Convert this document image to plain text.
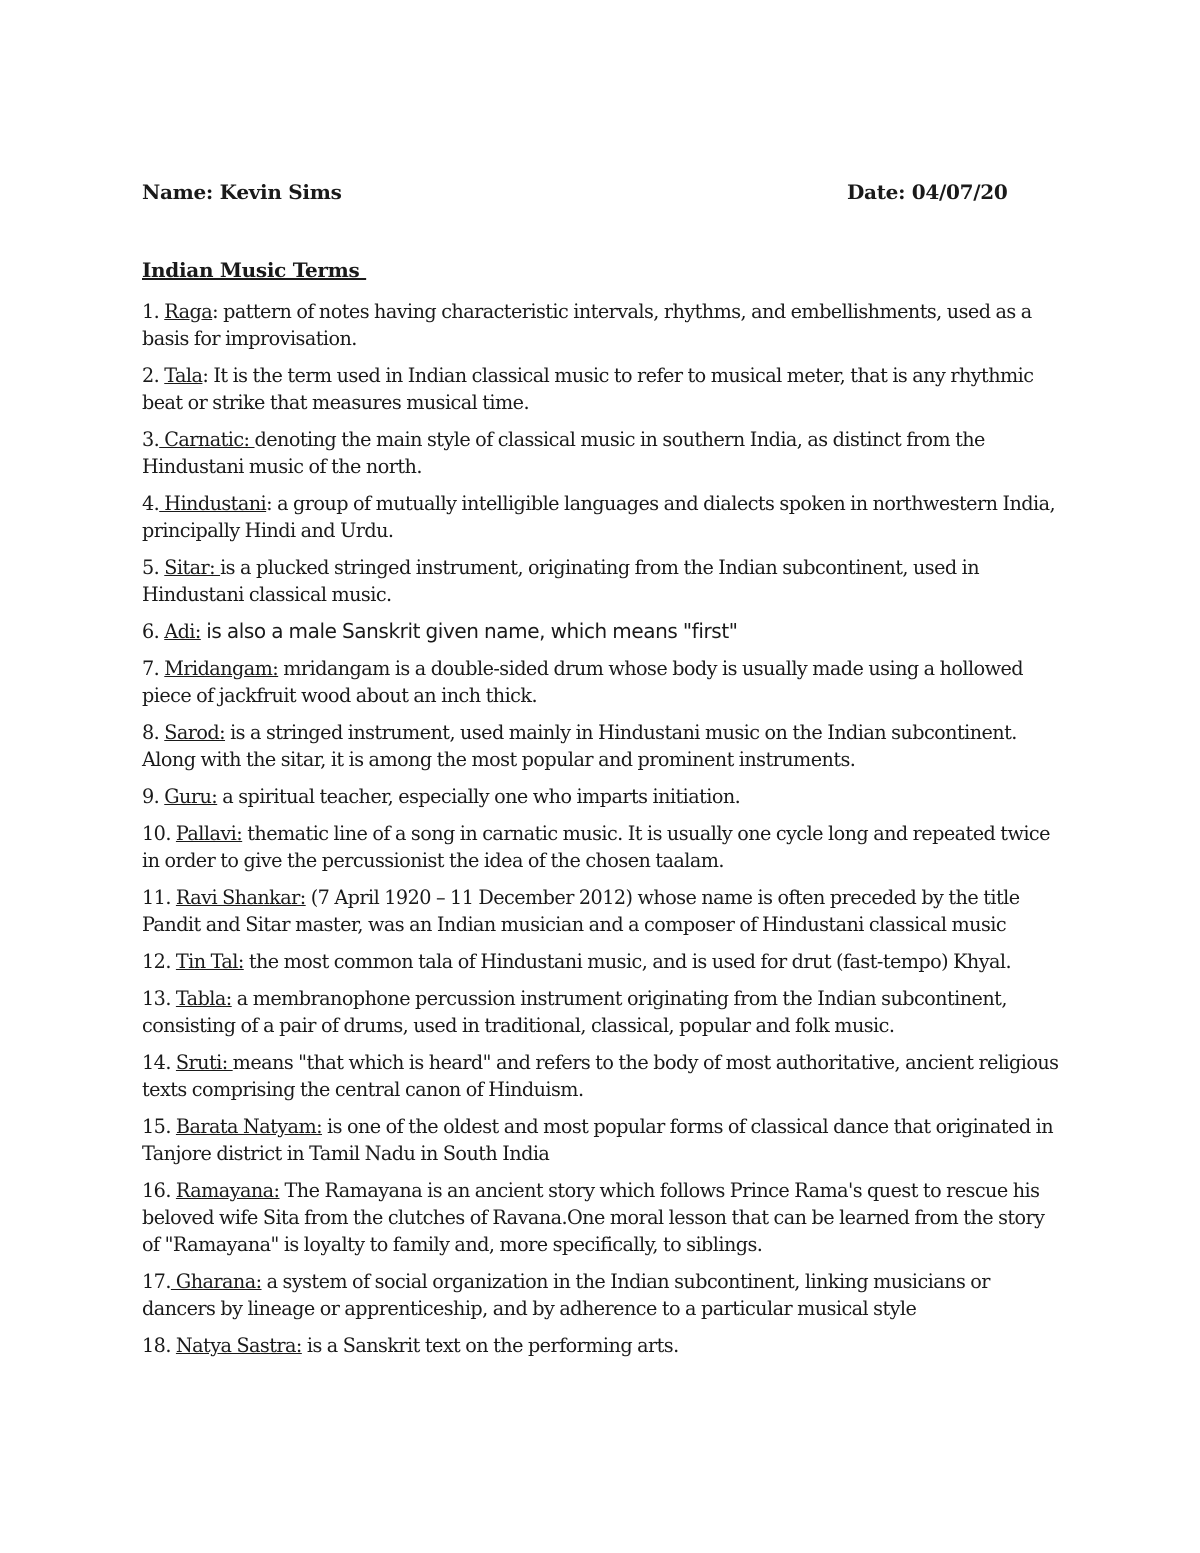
Name: Kevin Sims	Date: 04/07/20
Indian Music Terms

1. Raga: pattern of notes having characteristic intervals, rhythms, and embellishments, used as a basis for improvisation.

2. Tala: It is the term used in Indian classical music to refer to musical meter, that is any rhythmic beat or strike that measures musical time.

3. Carnatic: denoting the main style of classical music in southern India, as distinct from the Hindustani music of the north.

4. Hindustani: a group of mutually intelligible languages and dialects spoken in northwestern India, principally Hindi and Urdu.

5. Sitar: is a plucked stringed instrument, originating from the Indian subcontinent, used in Hindustani classical music.

6. Adi: is also a male Sanskrit given name, which means "first"

7. Mridangam: mridangam is a double-sided drum whose body is usually made using a hollowed piece of jackfruit wood about an inch thick.

8. Sarod: is a stringed instrument, used mainly in Hindustani music on the Indian subcontinent. Along with the sitar, it is among the most popular and prominent instruments.

9. Guru: a spiritual teacher, especially one who imparts initiation.

10. Pallavi: thematic line of a song in carnatic music. It is usually one cycle long and repeated twice in order to give the percussionist the idea of the chosen taalam.

11. Ravi Shankar: (7 April 1920 – 11 December 2012) whose name is often preceded by the title Pandit and Sitar master, was an Indian musician and a composer of Hindustani classical music

12. Tin Tal: the most common tala of Hindustani music, and is used for drut (fast-tempo) Khyal.

13. Tabla: a membranophone percussion instrument originating from the Indian subcontinent, consisting of a pair of drums, used in traditional, classical, popular and folk music.

14. Sruti: means "that which is heard" and refers to the body of most authoritative, ancient religious texts comprising the central canon of Hinduism.

15. Barata Natyam: is one of the oldest and most popular forms of classical dance that originated in Tanjore district in Tamil Nadu in South India

16. Ramayana: The Ramayana is an ancient story which follows Prince Rama's quest to rescue his beloved wife Sita from the clutches of Ravana.One moral lesson that can be learned from the story of "Ramayana" is loyalty to family and, more specifically, to siblings.

17. Gharana: a system of social organization in the Indian subcontinent, linking musicians or dancers by lineage or apprenticeship, and by adherence to a particular musical style

18. Natya Sastra: is a Sanskrit text on the performing arts.
